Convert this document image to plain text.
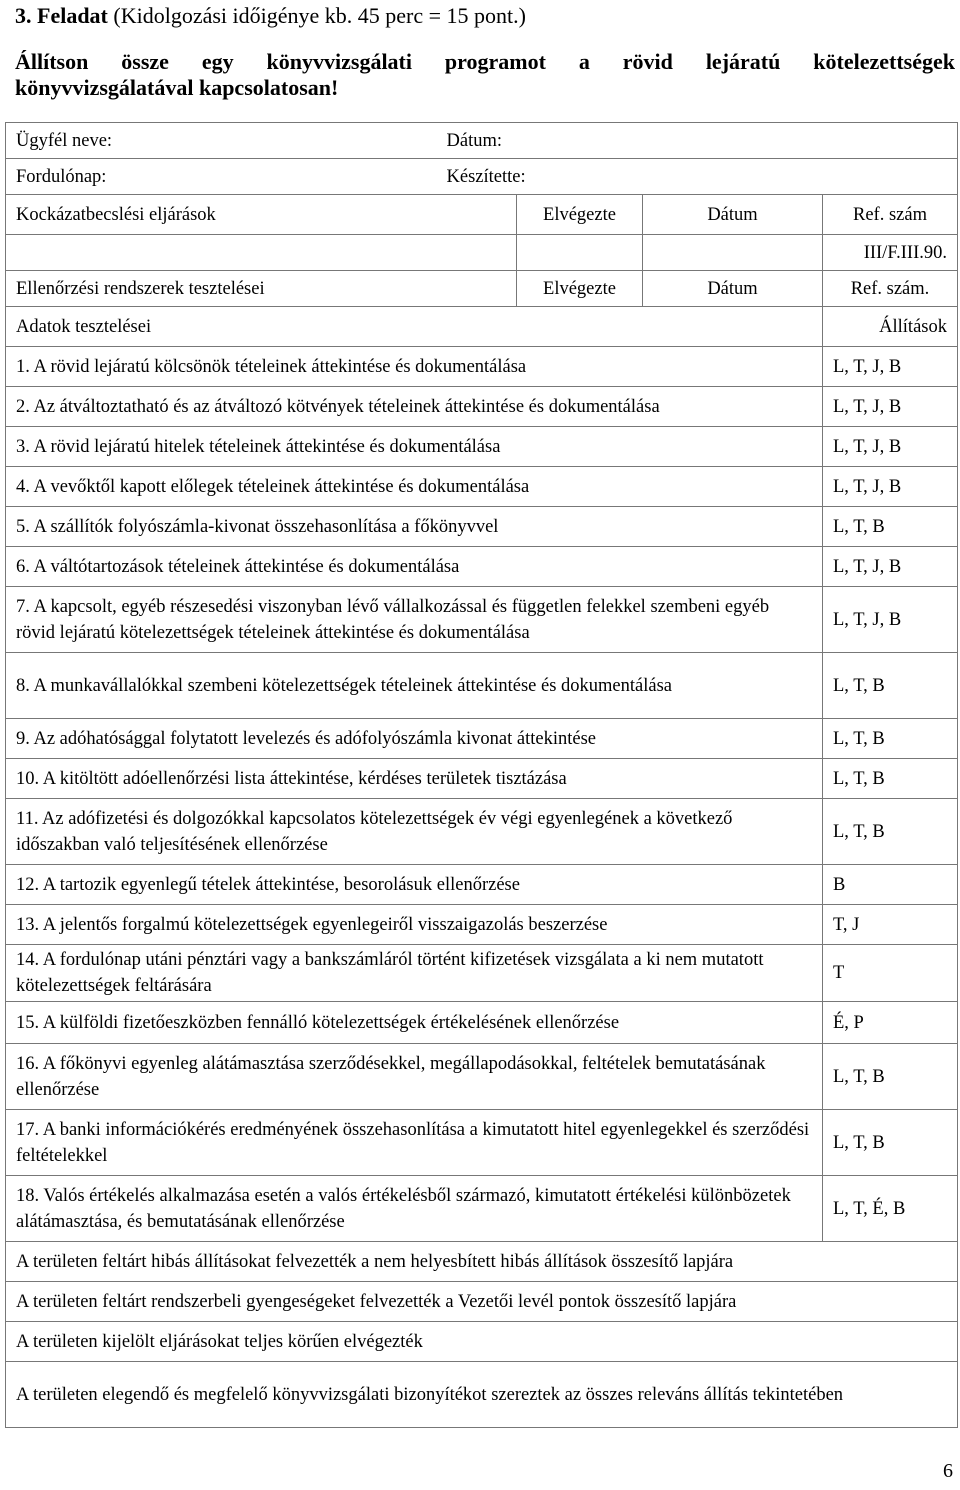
3. Feladat (Kidolgozási időigénye kb. 45 perc = 15 pont.)
Állítson össze egy könyvvizsgálati programot a rövid lejáratú kötelezettségek
könyvvizsgálatával kapcsolatosan!
Ügyfél neve:	Dátum:		
Fordulónap:	Készítette:		
Kockázatbecslési eljárások	Elvégezte	Dátum	Ref. szám
			III/F.III.90.
Ellenőrzési rendszerek tesztelései	Elvégezte	Dátum	Ref. szám.
Adatok tesztelései			Állítások
1. A rövid lejáratú kölcsönök tételeinek áttekintése és dokumentálása			L, T, J, B
2. Az átváltoztatható és az átváltozó kötvények tételeinek áttekintése és dokumentálása			L, T, J, B
3. A rövid lejáratú hitelek tételeinek áttekintése és dokumentálása			L, T, J, B
4. A vevőktől kapott előlegek tételeinek áttekintése és dokumentálása			L, T, J, B
5. A szállítók folyószámla-kivonat összehasonlítása a főkönyvvel			L, T, B
6. A váltótartozások tételeinek áttekintése és dokumentálása			L, T, J, B
7. A kapcsolt, egyéb részesedési viszonyban lévő vállalkozással és független felekkel szembeni egyéb rövid lejáratú kötelezettségek tételeinek áttekintése és dokumentálása			L, T, J, B
8. A munkavállalókkal szembeni kötelezettségek tételeinek áttekintése és dokumentálása			L, T, B
9. Az adóhatósággal folytatott levelezés és adófolyószámla kivonat áttekintése			L, T, B
10. A kitöltött adóellenőrzési lista áttekintése, kérdéses területek tisztázása			L, T, B
11. Az adófizetési és dolgozókkal kapcsolatos kötelezettségek év végi egyenlegének a következő időszakban való teljesítésének ellenőrzése			L, T, B
12. A tartozik egyenlegű tételek áttekintése, besorolásuk ellenőrzése			B
13. A jelentős forgalmú kötelezettségek egyenlegeiről visszaigazolás beszerzése			T, J
14. A fordulónap utáni pénztári vagy a bankszámláról történt kifizetések vizsgálata a ki nem mutatott kötelezettségek feltárására			T
15. A külföldi fizetőeszközben fennálló kötelezettségek értékelésének ellenőrzése			É, P
16. A főkönyvi egyenleg alátámasztása szerződésekkel, megállapodásokkal, feltételek bemutatásának ellenőrzése			L, T, B
17. A banki információkérés eredményének összehasonlítása a kimutatott hitel egyenlegekkel és szerződési feltételekkel			L, T, B
18. Valós értékelés alkalmazása esetén a valós értékelésből származó, kimutatott értékelési különbözetek alátámasztása, és bemutatásának ellenőrzése			L, T, É, B
A területen feltárt hibás állításokat felvezették a nem helyesbített hibás állítások összesítő lapjára			
A területen feltárt rendszerbeli gyengeségeket felvezették a Vezetői levél pontok összesítő lapjára			
A területen kijelölt eljárásokat teljes körűen elvégezték			
A területen elegendő és megfelelő könyvvizsgálati bizonyítékot szereztek az összes releváns állítás tekintetében			
6
